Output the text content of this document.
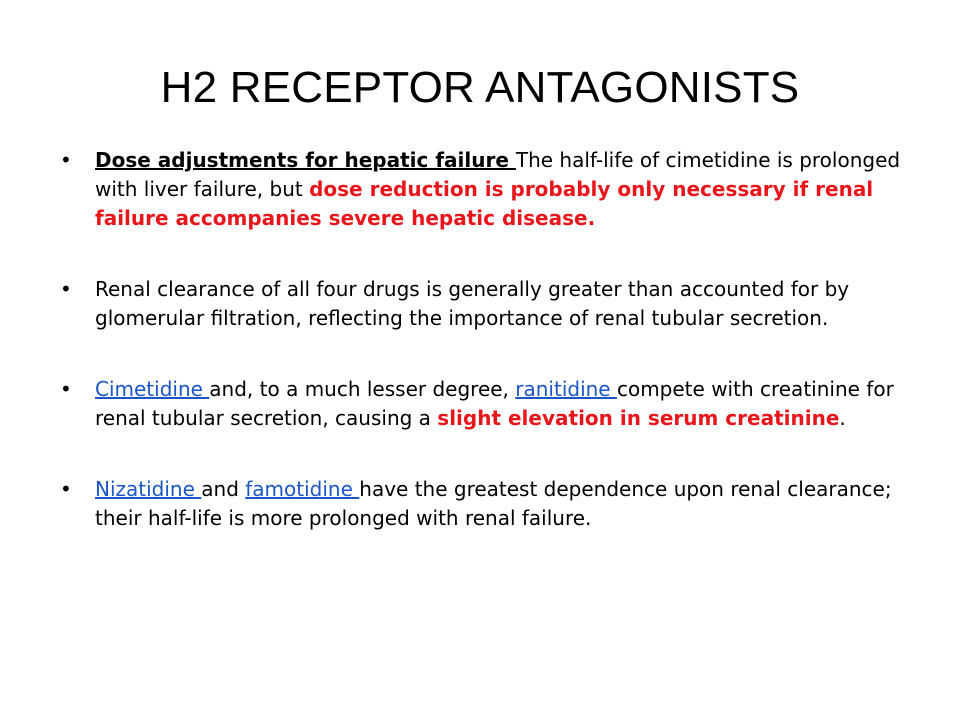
H2 RECEPTOR ANTAGONISTS
• Dose adjustments for hepatic failure The half-life of cimetidine is prolonged with liver failure, but dose reduction is probably only necessary if renal failure accompanies severe hepatic disease.
• Renal clearance of all four drugs is generally greater than accounted for by glomerular filtration, reflecting the importance of renal tubular secretion.
• Cimetidine and, to a much lesser degree, ranitidine compete with creatinine for renal tubular secretion, causing a slight elevation in serum creatinine.
• Nizatidine and famotidine have the greatest dependence upon renal clearance; their half-life is more prolonged with renal failure.
